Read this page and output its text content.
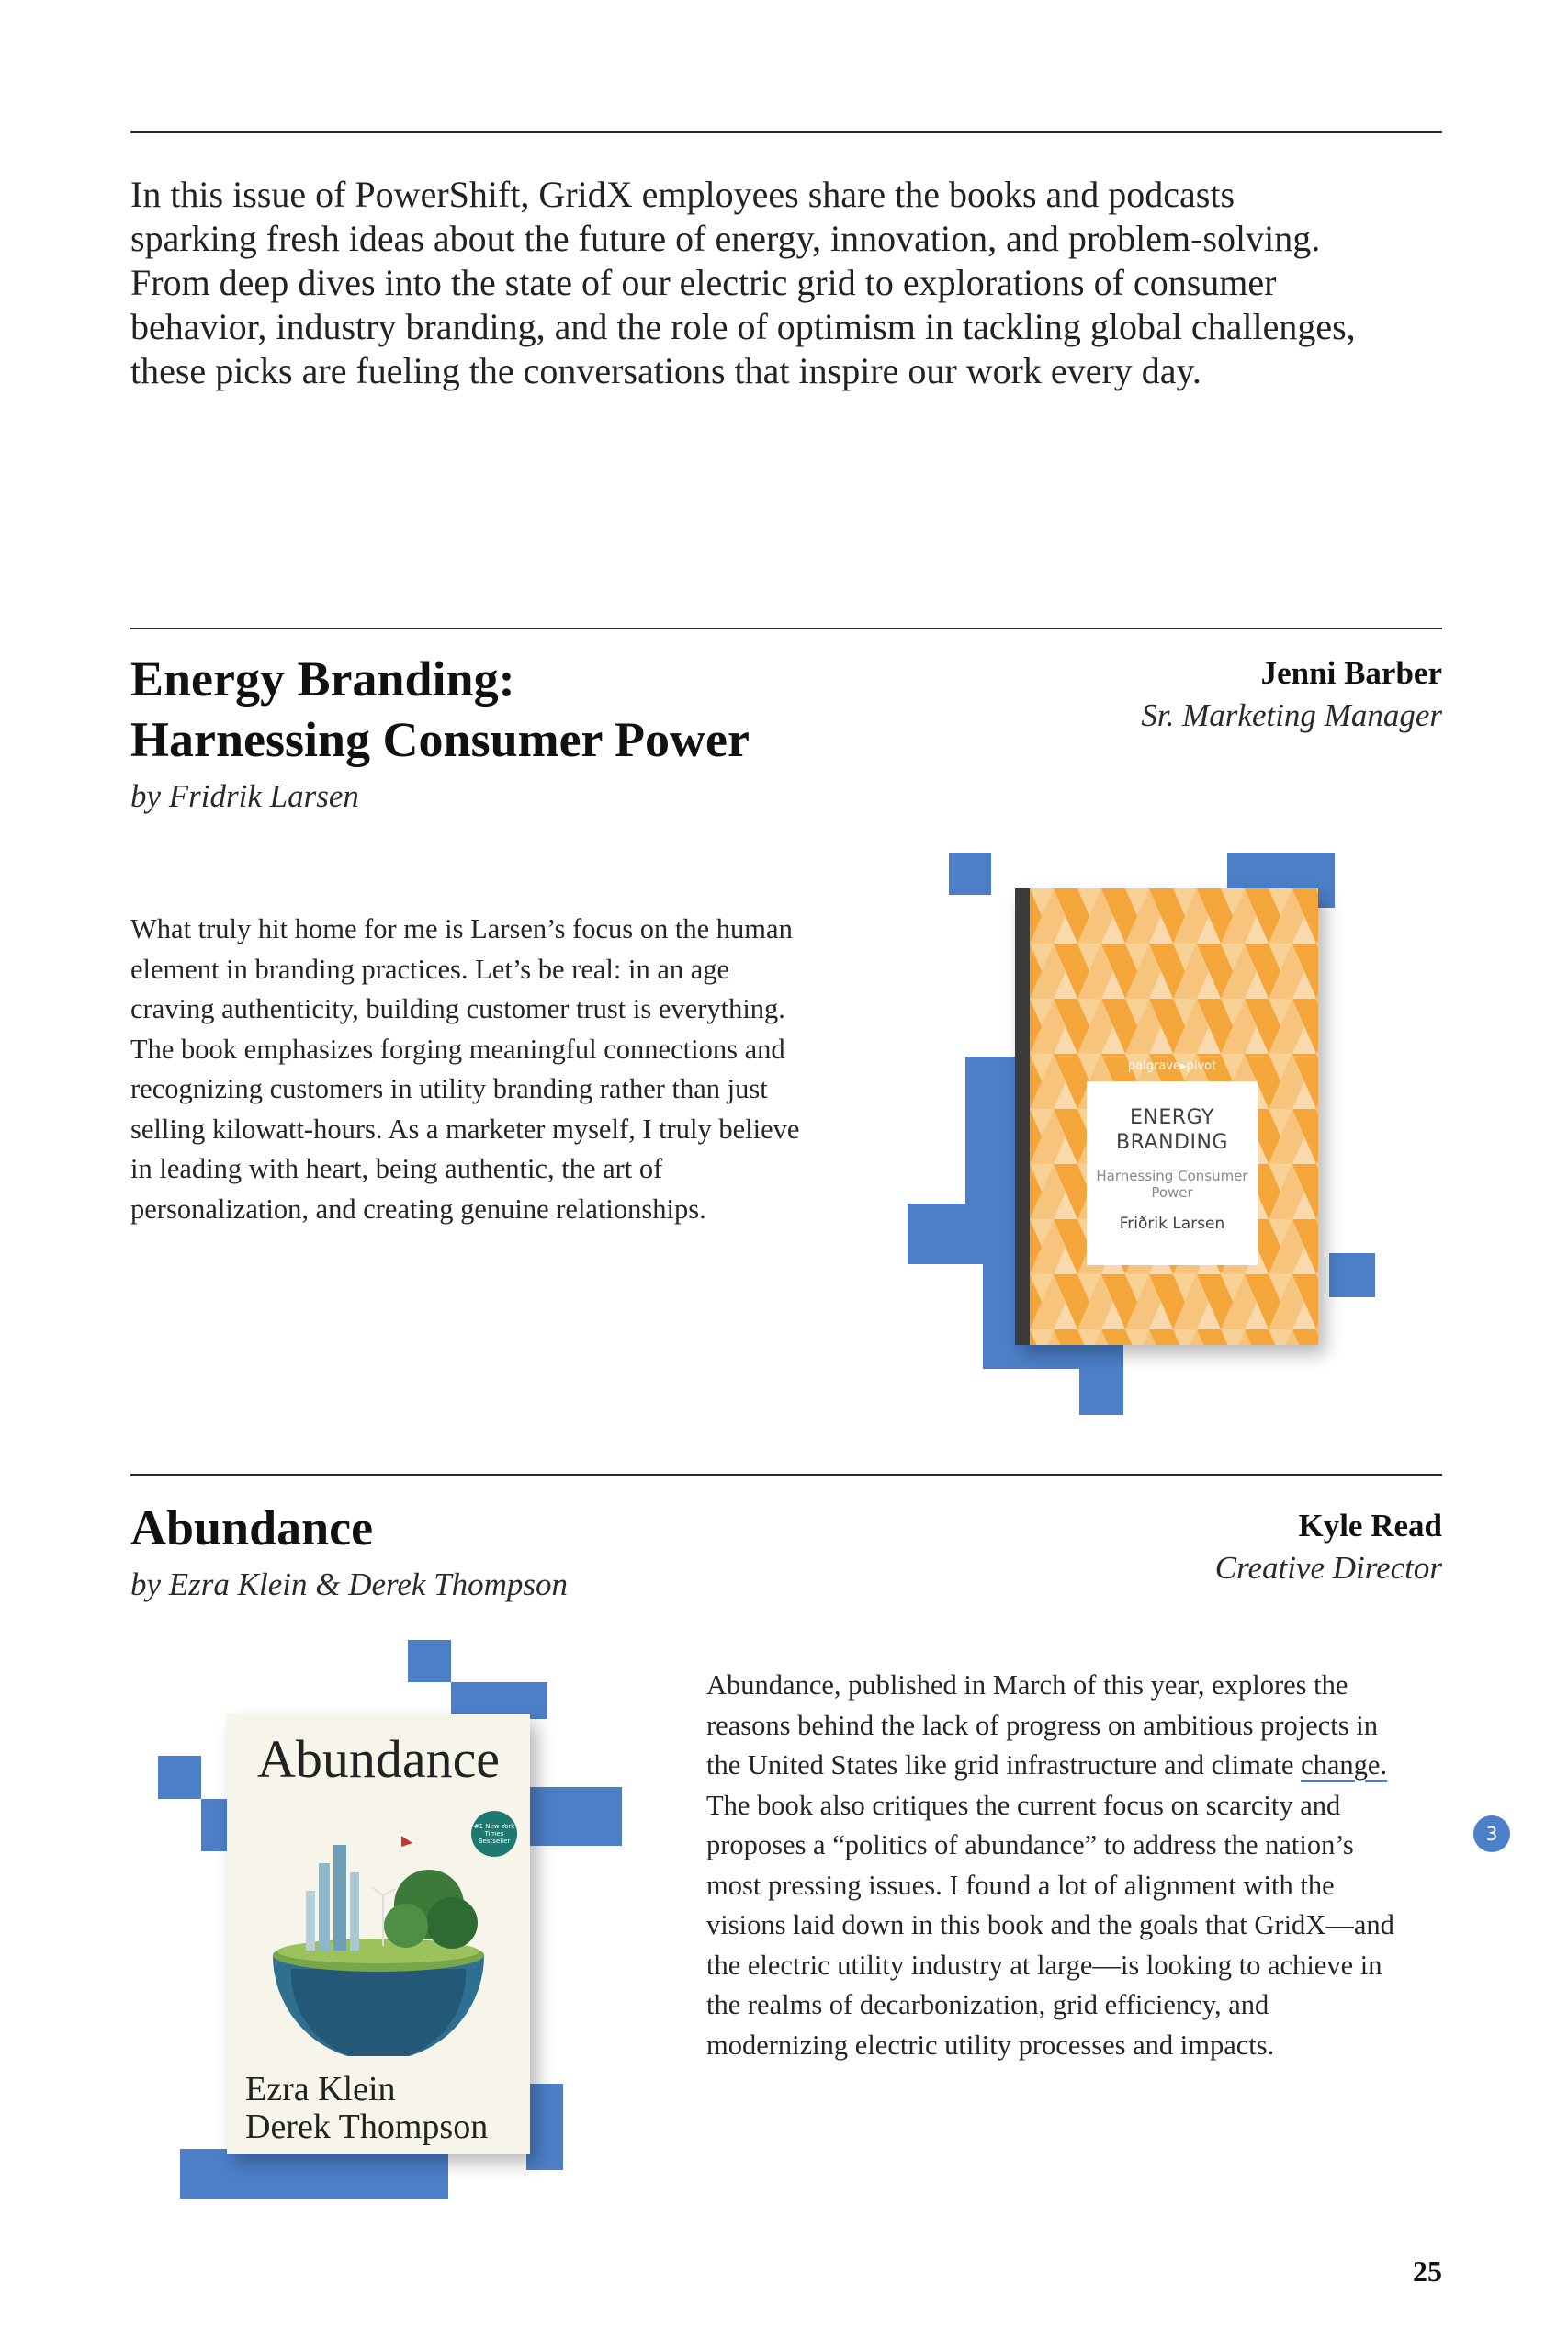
In this issue of PowerShift, GridX employees share the books and podcasts sparking fresh ideas about the future of energy, innovation, and problem-solving. From deep dives into the state of our electric grid to explorations of consumer behavior, industry branding, and the role of optimism in tackling global challenges, these picks are fueling the conversations that inspire our work every day.

Energy Branding:
Harnessing Consumer Power
by Fridrik Larsen
Jenni Barber
Sr. Marketing Manager

What truly hit home for me is Larsen’s focus on the human element in branding practices. Let’s be real: in an age craving authenticity, building customer trust is everything. The book emphasizes forging meaningful connections and recognizing customers in utility branding rather than just selling kilowatt-hours. As a marketer myself, I truly believe in leading with heart, being authentic, the art of personalization, and creating genuine relationships.

palgrave▸pivot
ENERGY BRANDING
Harnessing Consumer Power
Friðrik Larsen
Abundance
by Ezra Klein & Derek Thompson
Kyle Read
Creative Director

Abundance, published in March of this year, explores the reasons behind the lack of progress on ambitious projects in the United States like grid infrastructure and climate change. The book also critiques the current focus on scarcity and proposes a “politics of abundance” to address the nation’s most pressing issues. I found a lot of alignment with the visions laid down in this book and the goals that GridX—and the electric utility industry at large—is looking to achieve in the realms of decarbonization, grid efficiency, and modernizing electric utility processes and impacts.

Abundance
#1 New York Times Bestseller
Ezra Klein
Derek Thompson
3
25
